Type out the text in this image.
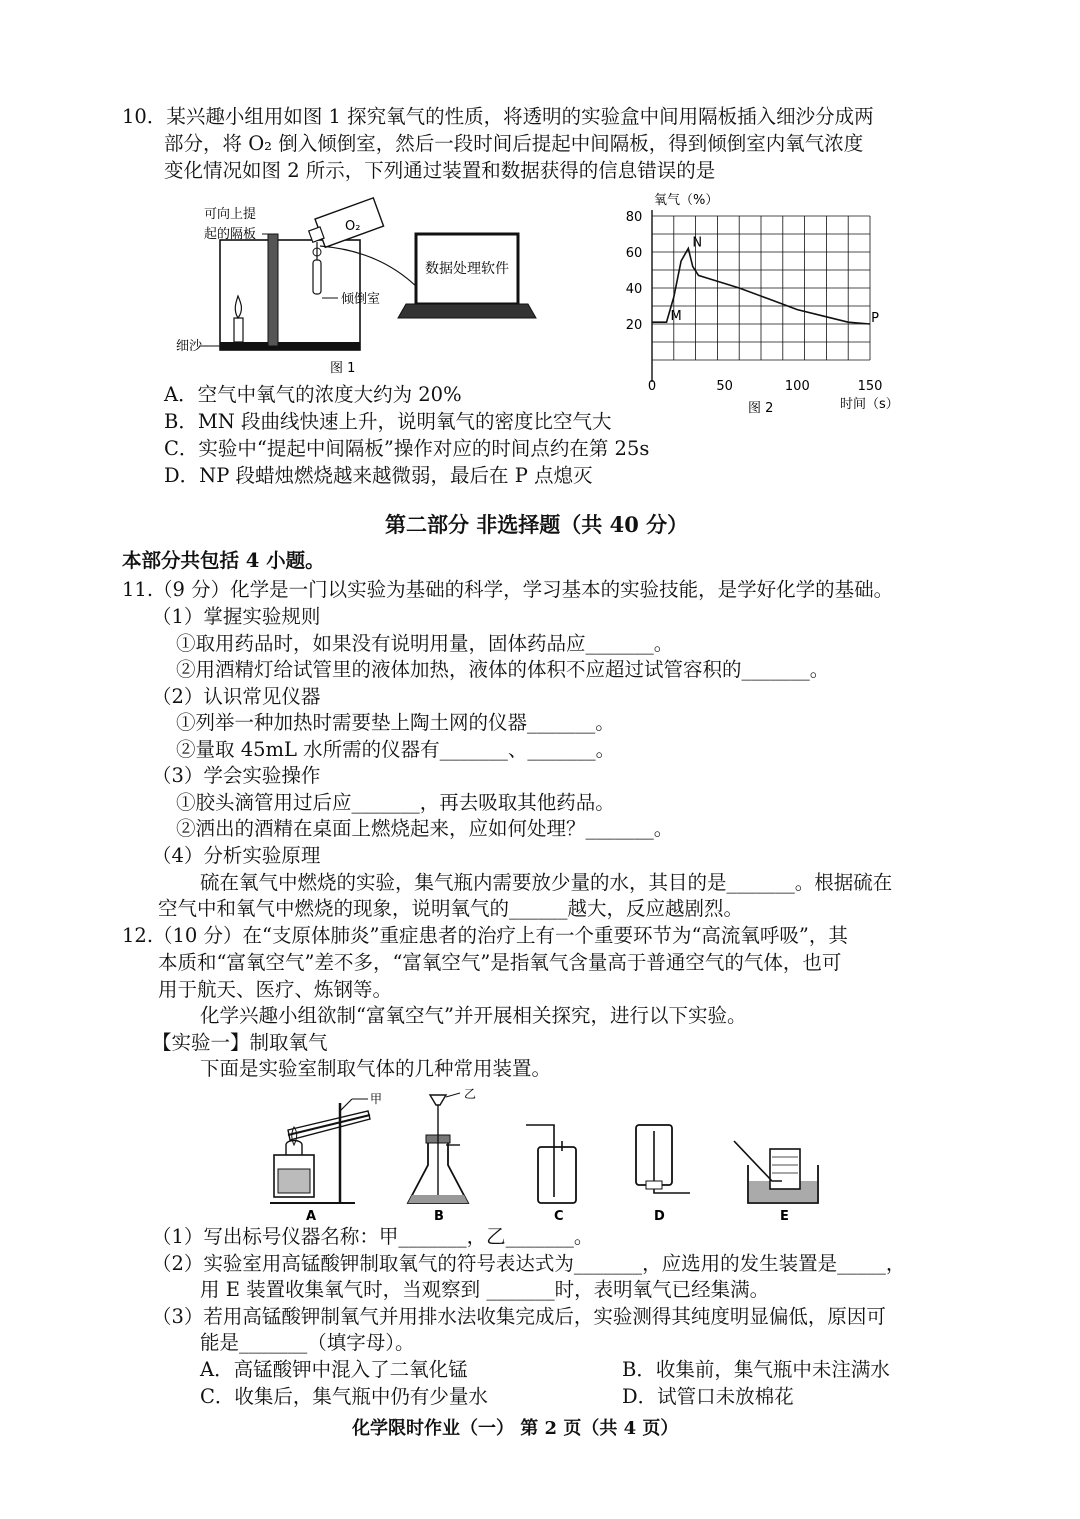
10．某兴趣小组用如图 1 探究氧气的性质，将透明的实验盒中间用隔板插入细沙分成两
部分，将 O₂ 倒入倾倒室，然后一段时间后提起中间隔板，得到倾倒室内氧气浓度
变化情况如图 2 所示，下列通过装置和数据获得的信息错误的是
O₂
数据处理软件
可向上提
起的隔板
倾倒室
细沙
图 1
20
40
60
80
0	50	100	150
氧气（%）
时间（s）
图 2
M
N
P
A．空气中氧气的浓度大约为 20%
B．MN 段曲线快速上升，说明氧气的密度比空气大
C．实验中“提起中间隔板”操作对应的时间点约在第 25s
D．NP 段蜡烛燃烧越来越微弱，最后在 P 点熄灭
第二部分 非选择题（共 40 分）
本部分共包括 4 小题。
11.（9 分）化学是一门以实验为基础的科学，学习基本的实验技能，是学好化学的基础。
（1）掌握实验规则
①取用药品时，如果没有说明用量，固体药品应_______。
②用酒精灯给试管里的液体加热，液体的体积不应超过试管容积的_______。
（2）认识常见仪器
①列举一种加热时需要垫上陶土网的仪器_______。
②量取 45mL 水所需的仪器有_______、_______。
（3）学会实验操作
①胶头滴管用过后应_______，再去吸取其他药品。
②洒出的酒精在桌面上燃烧起来，应如何处理？_______。
（4）分析实验原理
硫在氧气中燃烧的实验，集气瓶内需要放少量的水，其目的是_______。根据硫在
空气中和氧气中燃烧的现象，说明氧气的______越大，反应越剧烈。
12.（10 分）在“支原体肺炎”重症患者的治疗上有一个重要环节为“高流氧呼吸”，其
本质和“富氧空气”差不多，“富氧空气”是指氧气含量高于普通空气的气体，也可
用于航天、医疗、炼钢等。
化学兴趣小组欲制“富氧空气”并开展相关探究，进行以下实验。
【实验一】制取氧气
下面是实验室制取气体的几种常用装置。
甲	乙
A	B	C	D	E
（1）写出标号仪器名称：甲_______，乙_______。
（2）实验室用高锰酸钾制取氧气的符号表达式为_______，应选用的发生装置是_____，
用 E 装置收集氧气时，当观察到 _______时，表明氧气已经集满。
（3）若用高锰酸钾制氧气并用排水法收集完成后，实验测得其纯度明显偏低，原因可
能是_______（填字母）。
A．高锰酸钾中混入了二氧化锰	B．收集前，集气瓶中未注满水
C．收集后，集气瓶中仍有少量水	D．试管口未放棉花
化学限时作业（一） 第 2 页（共 4 页）
